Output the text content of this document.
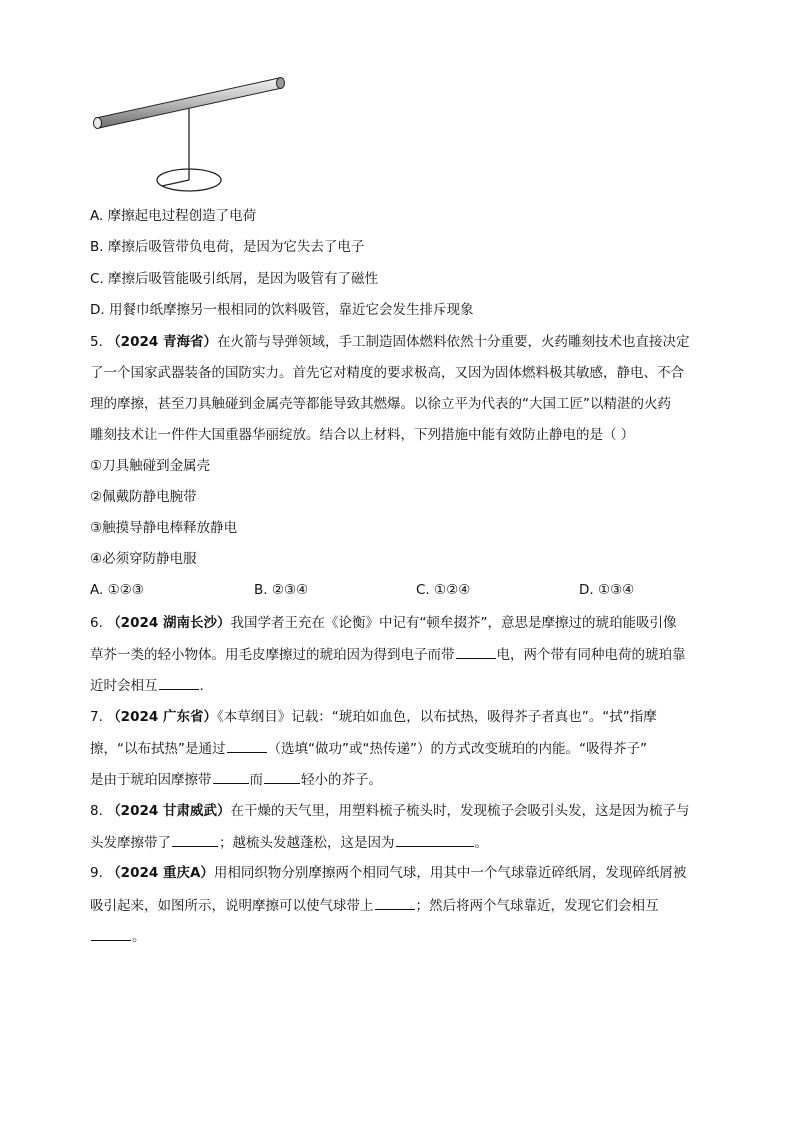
A. 摩擦起电过程创造了电荷
B. 摩擦后吸管带负电荷，是因为它失去了电子
C. 摩擦后吸管能吸引纸屑，是因为吸管有了磁性
D. 用餐巾纸摩擦另一根相同的饮料吸管，靠近它会发生排斥现象
5. （2024 青海省）在火箭与导弹领域，手工制造固体燃料依然十分重要，火药雕刻技术也直接决定
了一个国家武器装备的国防实力。首先它对精度的要求极高，又因为固体燃料极其敏感，静电、不合
理的摩擦，甚至刀具触碰到金属壳等都能导致其燃爆。以徐立平为代表的“大国工匠”以精湛的火药
雕刻技术让一件件大国重器华丽绽放。结合以上材料，下列措施中能有效防止静电的是（ ）
①刀具触碰到金属壳
②佩戴防静电腕带
③触摸导静电棒释放静电
④必须穿防静电服
A. ①②③	B. ②③④	C. ①②④	D. ①③④
6. （2024 湖南长沙）我国学者王充在《论衡》中记有“顿牟掇芥”，意思是摩擦过的琥珀能吸引像
草芥一类的轻小物体。用毛皮摩擦过的琥珀因为得到电子而带	电，两个带有同种电荷的琥珀靠
近时会相互	.
7. （2024 广东省）《本草纲目》记载：“琥珀如血色，以布拭热，吸得芥子者真也”。“拭”指摩
擦，“以布拭热”是通过	（选填“做功”或“热传递”）的方式改变琥珀的内能。“吸得芥子”
是由于琥珀因摩擦带	而	轻小的芥子。
8. （2024 甘肃威武）在干燥的天气里，用塑料梳子梳头时，发现梳子会吸引头发，这是因为梳子与
头发摩擦带了	；越梳头发越蓬松，这是因为	。
9. （2024 重庆A）用相同织物分别摩擦两个相同气球，用其中一个气球靠近碎纸屑，发现碎纸屑被
吸引起来，如图所示，说明摩擦可以使气球带上	；然后将两个气球靠近，发现它们会相互
。
